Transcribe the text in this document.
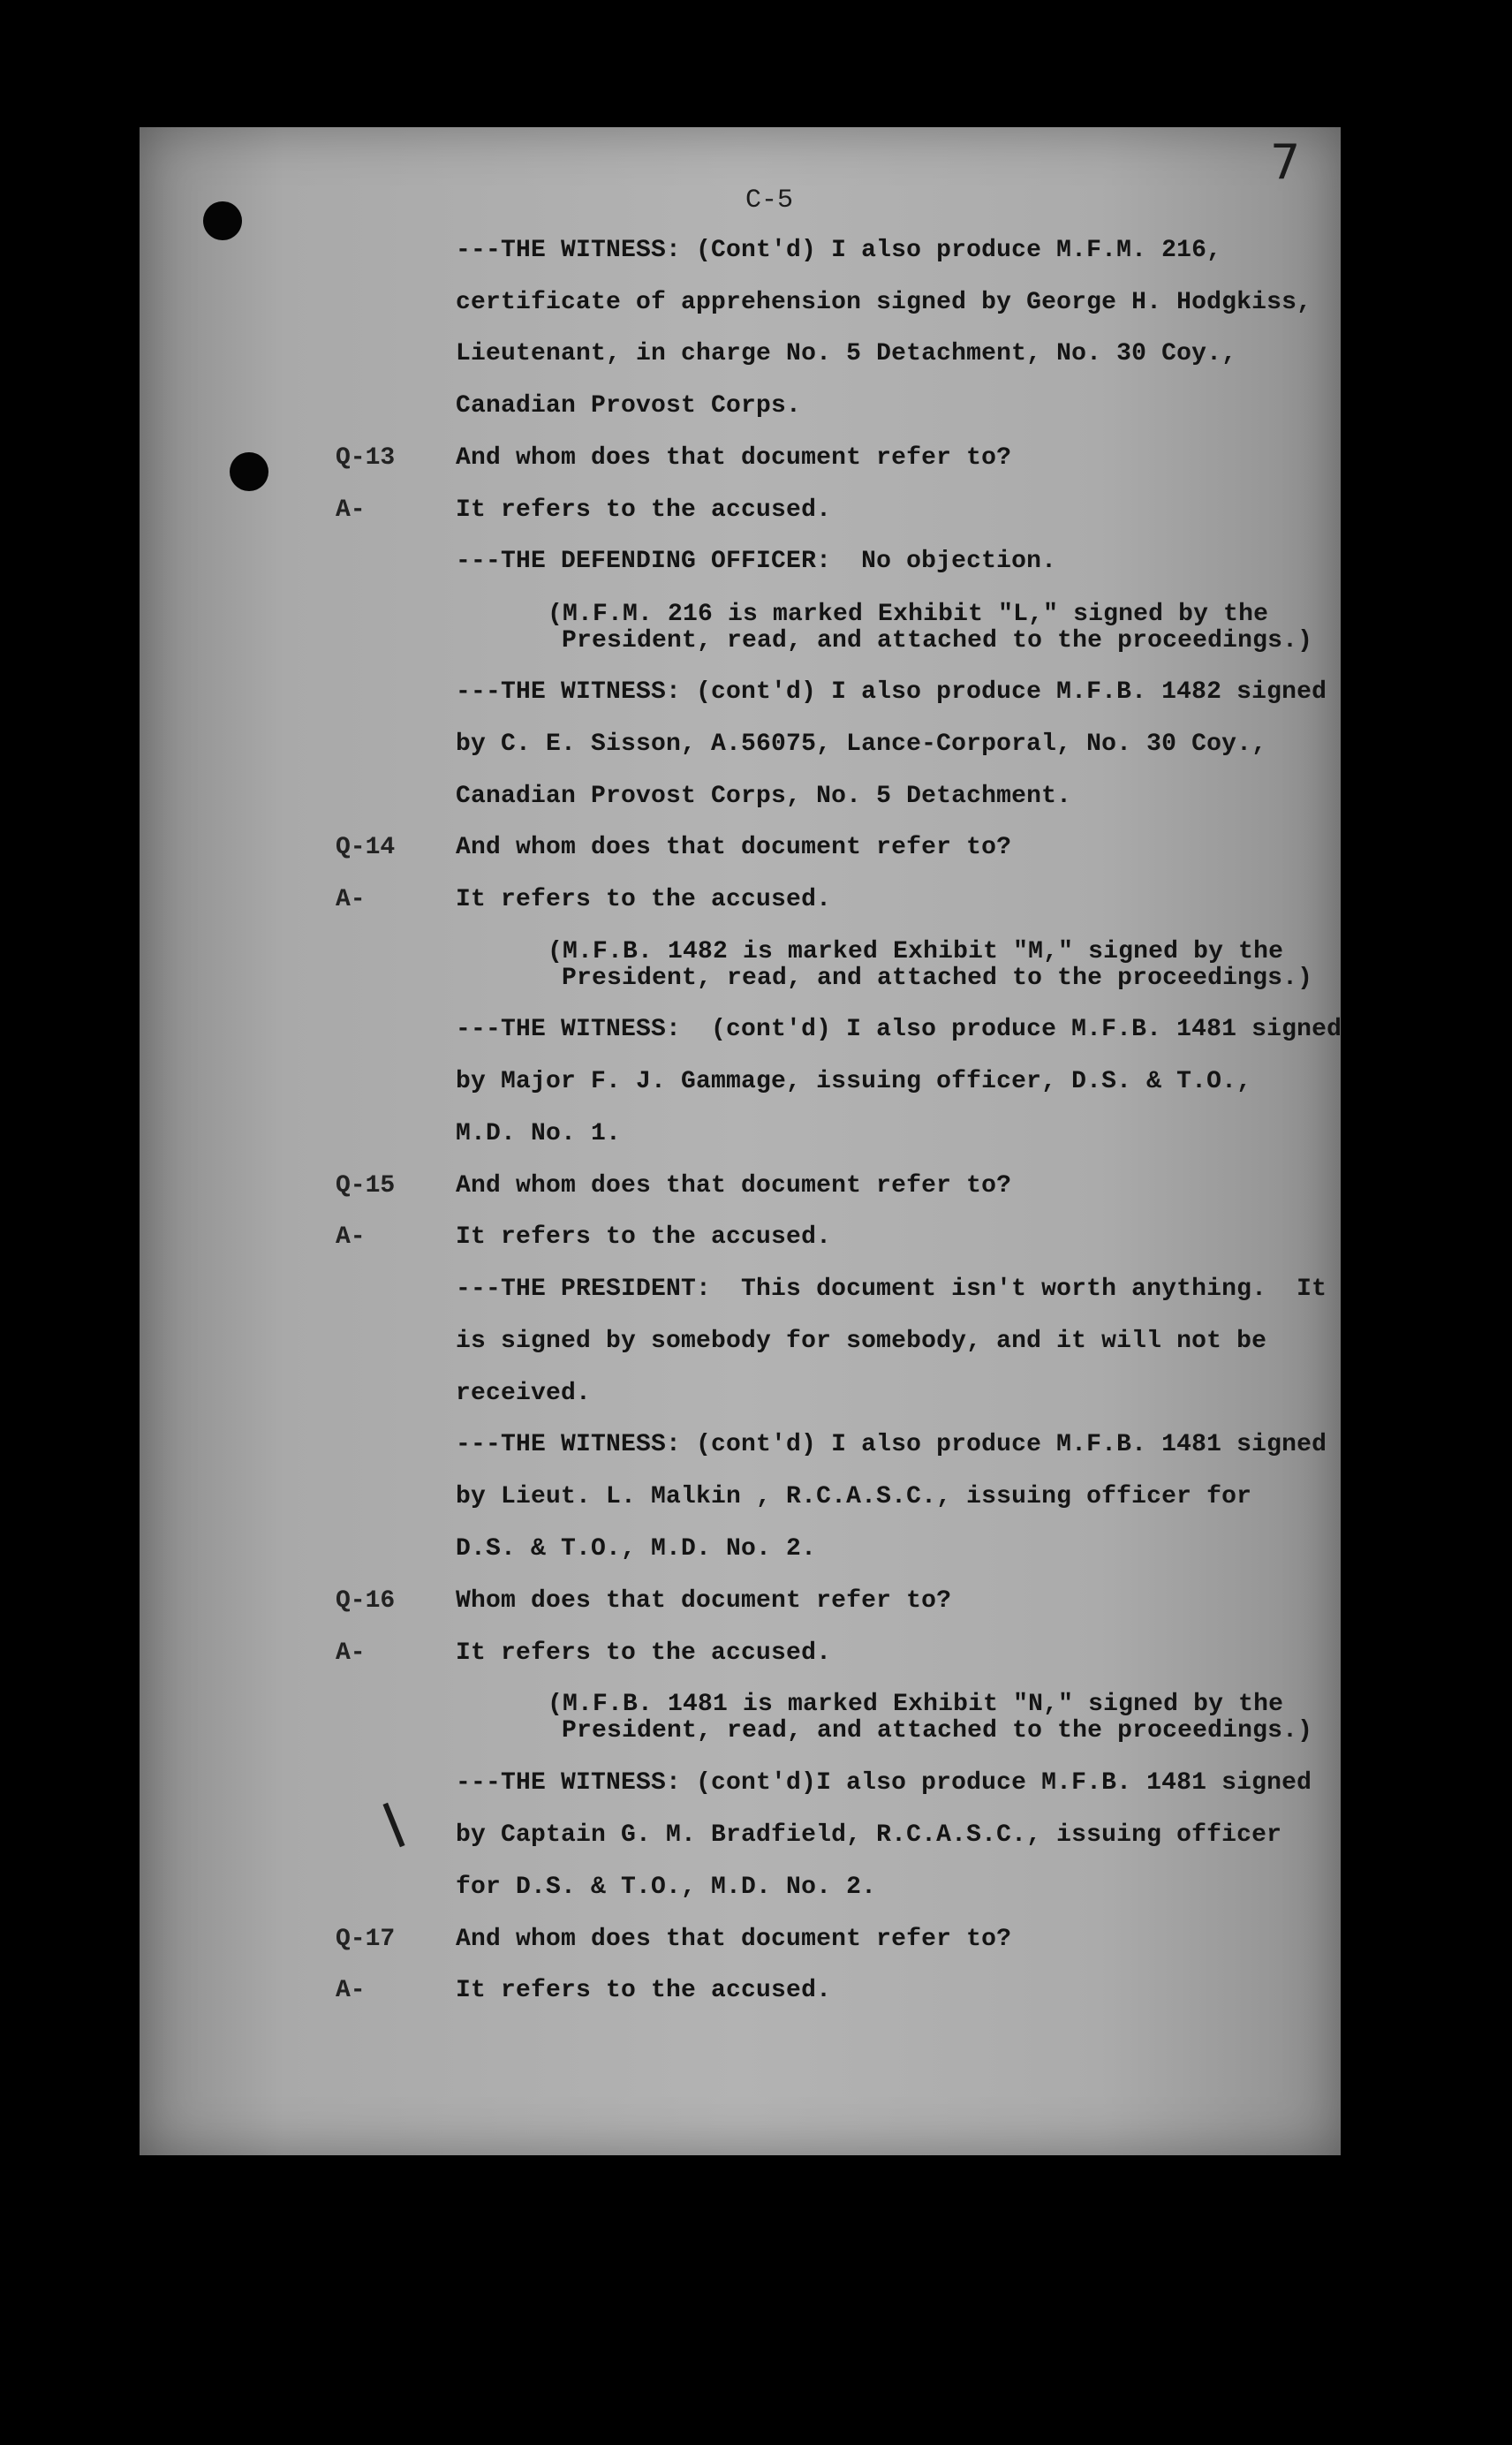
7
C-5
---THE WITNESS: (Cont'd) I also produce M.F.M. 216,
certificate of apprehension signed by George H. Hodgkiss,
Lieutenant, in charge No. 5 Detachment, No. 30 Coy.,
Canadian Provost Corps.
Q-13 And whom does that document refer to?
A-	It refers to the accused.
---THE DEFENDING OFFICER:  No objection.
(M.F.M. 216 is marked Exhibit "L," signed by the
President, read, and attached to the proceedings.)
---THE WITNESS: (cont'd) I also produce M.F.B. 1482 signed
by C. E. Sisson, A.56075, Lance-Corporal, No. 30 Coy.,
Canadian Provost Corps, No. 5 Detachment.
Q-14 And whom does that document refer to?
A-	It refers to the accused.
(M.F.B. 1482 is marked Exhibit "M," signed by the
President, read, and attached to the proceedings.)
---THE WITNESS:  (cont'd) I also produce M.F.B. 1481 signed
by Major F. J. Gammage, issuing officer, D.S. & T.O.,
M.D. No. 1.
Q-15 And whom does that document refer to?
A-	It refers to the accused.
---THE PRESIDENT:  This document isn't worth anything.  It
is signed by somebody for somebody, and it will not be
received.
---THE WITNESS: (cont'd) I also produce M.F.B. 1481 signed
by Lieut. L. Malkin , R.C.A.S.C., issuing officer for
D.S. & T.O., M.D. No. 2.
Q-16 Whom does that document refer to?
A-	It refers to the accused.
(M.F.B. 1481 is marked Exhibit "N," signed by the
President, read, and attached to the proceedings.)
---THE WITNESS: (cont'd)I also produce M.F.B. 1481 signed
by Captain G. M. Bradfield, R.C.A.S.C., issuing officer
for D.S. & T.O., M.D. No. 2.
Q-17 And whom does that document refer to?
A-	It refers to the accused.
